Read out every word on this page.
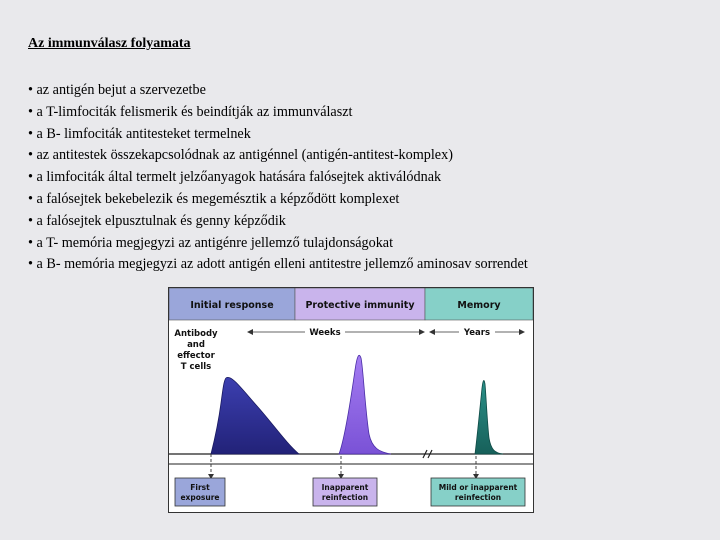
Az immunválasz folyamata
• az antigén bejut a szervezetbe
• a T-limfociták felismerik és beindítják az immunválaszt
• a B- limfociták antitesteket termelnek
• az antitestek összekapcsolódnak az antigénnel (antigén-antitest-komplex)
• a limfociták által termelt jelzőanyagok hatására falósejtek aktiválódnak
• a falósejtek bekebelezik és megemésztik a képződött komplexet
• a falósejtek elpusztulnak és genny képződik
• a T- memória megjegyzi az antigénre jellemző tulajdonságokat
• a B- memória megjegyzi az adott antigén elleni antitestre jellemző aminosav sorrendet
Initial response	Protective immunity	Memory
Antibody
and
effector
T cells
Weeks	Years
First
exposure
Inapparent
reinfection
Mild or inapparent
reinfection
